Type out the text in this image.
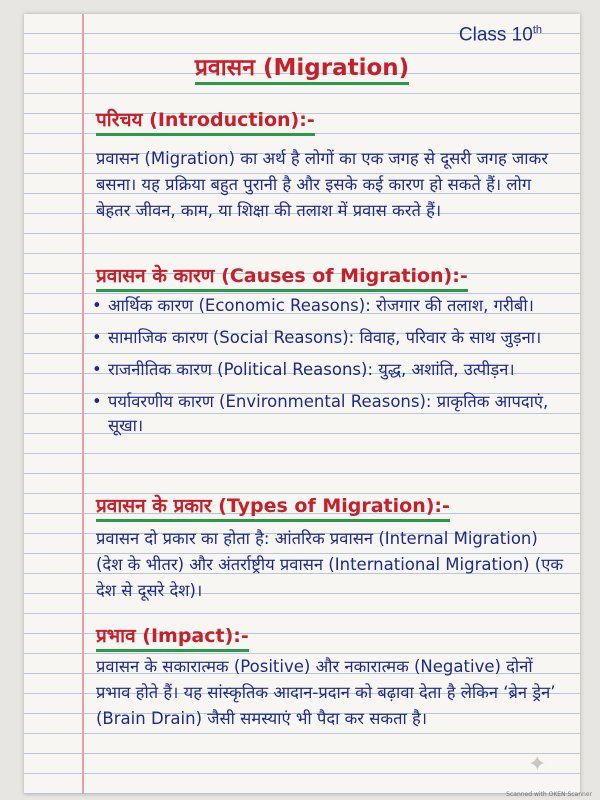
Class 10th
प्रवासन (Migration)
परिचय (Introduction):-
प्रवासन (Migration) का अर्थ है लोगों का एक जगह से दूसरी जगह जाकर बसना। यह प्रक्रिया बहुत पुरानी है और इसके कई कारण हो सकते हैं। लोग बेहतर जीवन, काम, या शिक्षा की तलाश में प्रवास करते हैं।
प्रवासन के कारण (Causes of Migration):-
• आर्थिक कारण (Economic Reasons): रोजगार की तलाश, गरीबी।
• सामाजिक कारण (Social Reasons): विवाह, परिवार के साथ जुड़ना।
• राजनीतिक कारण (Political Reasons): युद्ध, अशांति, उत्पीड़न।
• पर्यावरणीय कारण (Environmental Reasons): प्राकृतिक आपदाएं, सूखा।
प्रवासन के प्रकार (Types of Migration):-
प्रवासन दो प्रकार का होता है: आंतरिक प्रवासन (Internal Migration) (देश के भीतर) और अंतर्राष्ट्रीय प्रवासन (International Migration) (एक देश से दूसरे देश)।
प्रभाव (Impact):-
प्रवासन के सकारात्मक (Positive) और नकारात्मक (Negative) दोनों प्रभाव होते हैं। यह सांस्कृतिक आदान-प्रदान को बढ़ावा देता है लेकिन ‘ब्रेन ड्रेन’ (Brain Drain) जैसी समस्याएं भी पैदा कर सकता है।
✦
Scanned with OKEN Scanner
